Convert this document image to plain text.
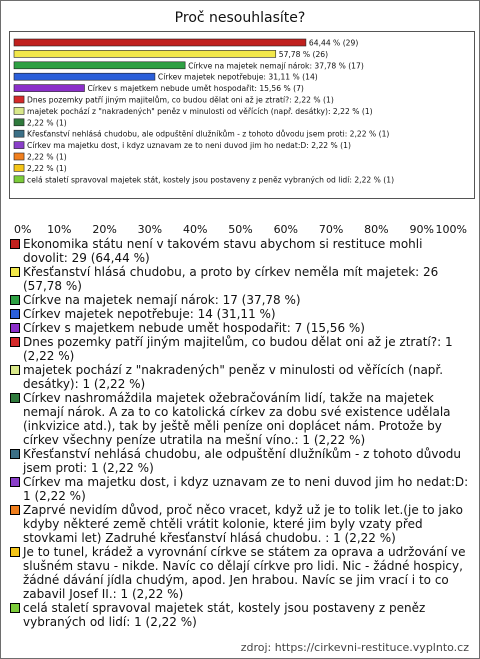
Proč nesouhlasíte?
64,44 % (29)
57,78 % (26)
Církve na majetek nemají nárok: 37,78 % (17)
Církev majetek nepotřebuje: 31,11 % (14)
Církev s majetkem nebude umět hospodařit: 15,56 % (7)
Dnes pozemky patří jiným majitelům, co budou dělat oni až je ztratí?: 2,22 % (1)
majetek pochází z "nakradených" peněz v minulosti od věřících (např. desátky): 2,22 % (1)
2,22 % (1)
Křesťanství nehlásá chudobu, ale odpuštění dlužníkům - z tohoto důvodu jsem proti: 2,22 % (1)
Církev ma majetku dost, i kdyz uznavam ze to neni duvod jim ho nedat:D: 2,22 % (1)
2,22 % (1)
2,22 % (1)
celá staletí spravoval majetek stát, kostely jsou postaveny z peněz vybraných od lidí: 2,22 % (1)
0% 10% 20% 30% 40% 50% 60% 70% 80% 90% 100%
Ekonomika státu není v takovém stavu abychom si restituce mohli dovolit: 29 (64,44 %)
Křesťanství hlásá chudobu, a proto by církev neměla mít majetek: 26 (57,78 %)
Církve na majetek nemají nárok: 17 (37,78 %)
Církev majetek nepotřebuje: 14 (31,11 %)
Církev s majetkem nebude umět hospodařit: 7 (15,56 %)
Dnes pozemky patří jiným majitelům, co budou dělat oni až je ztratí?: 1 (2,22 %)
majetek pochází z "nakradených" peněz v minulosti od věřících (např. desátky): 1 (2,22 %)
Církev nashromáždila majetek ožebračováním lidí, takže na majetek nemají nárok. A za to co katolická církev za dobu své existence udělala (inkvizice atd.), tak by ještě měli peníze oni doplácet nám. Protože by církev všechny peníze utratila na mešní víno.: 1 (2,22 %)
Křesťanství nehlásá chudobu, ale odpuštění dlužníkům - z tohoto důvodu jsem proti: 1 (2,22 %)
Církev ma majetku dost, i kdyz uznavam ze to neni duvod jim ho nedat:D: 1 (2,22 %)
Zaprvé nevidím důvod, proč něco vracet, když už je to tolik let.(je to jako kdyby některé země chtěli vrátit kolonie, které jim byly vzaty před stovkami let) Zadruhé křesťanství hlásá chudobu. : 1 (2,22 %)
Je to tunel, krádež a vyrovnání církve se státem za oprava a udržování ve slušném stavu - nikde. Navíc co dělají církve pro lidi. Nic - žádné hospicy, žádné dávání jídla chudým, apod. Jen hrabou. Navíc se jim vrací i to co zabavil Josef II.: 1 (2,22 %)
celá staletí spravoval majetek stát, kostely jsou postaveny z peněz vybraných od lidí: 1 (2,22 %)
zdroj: https://cirkevni-restituce.vyplnto.cz
